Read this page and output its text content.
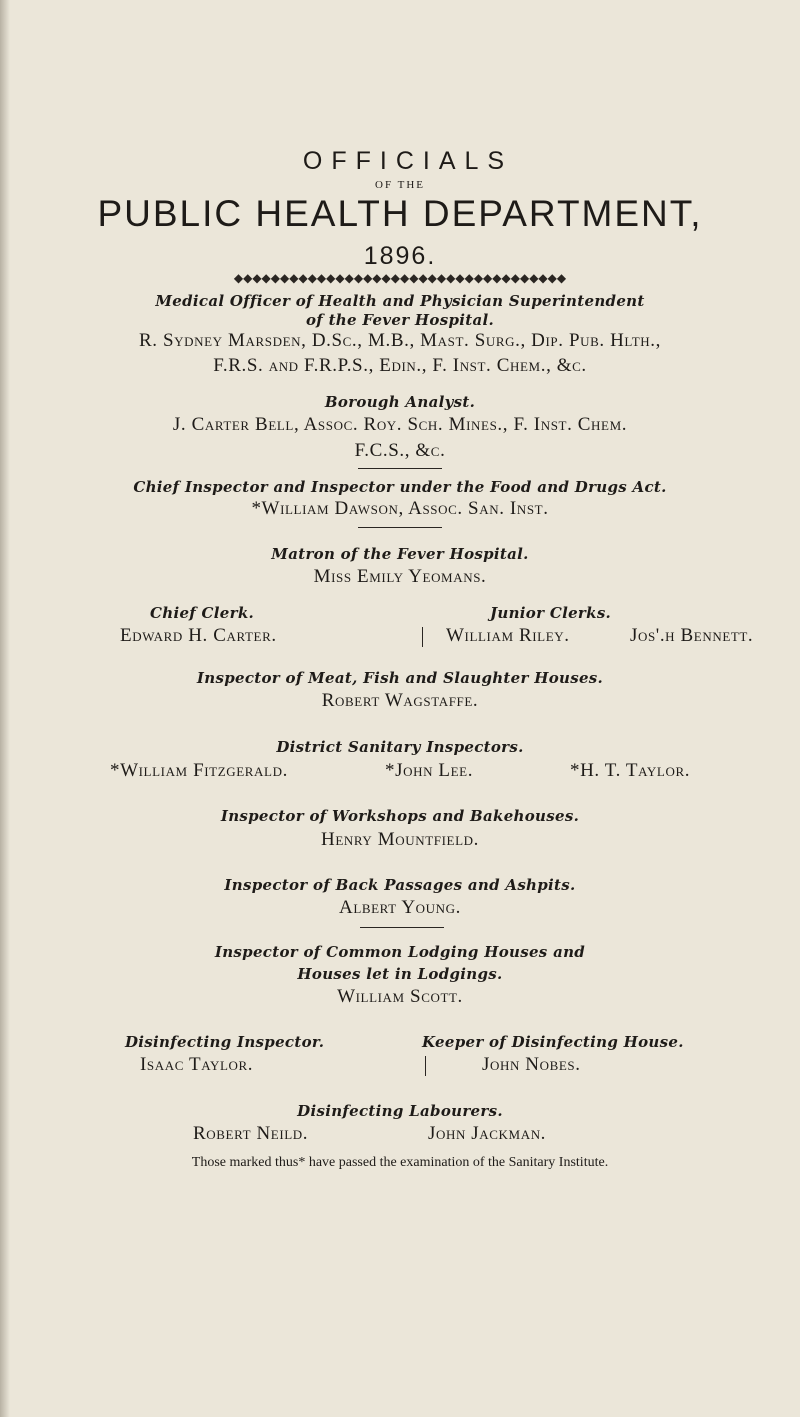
OFFICIALS
OF THE
PUBLIC HEALTH DEPARTMENT,
1896.
◆◆◆◆◆◆◆◆◆◆◆◆◆◆◆◆◆◆◆◆◆◆◆◆◆◆◆◆◆◆◆◆◆◆◆◆
Medical Officer of Health and Physician Superintendent
of the Fever Hospital.
R. Sydney Marsden, D.Sc., M.B., Mast. Surg., Dip. Pub. Hlth.,
F.R.S. and F.R.P.S., Edin., F. Inst. Chem., &c.
Borough Analyst.
J. Carter Bell, Assoc. Roy. Sch. Mines., F. Inst. Chem.
F.C.S., &c.
Chief Inspector and Inspector under the Food and Drugs Act.
*William Dawson, Assoc. San. Inst.
Matron of the Fever Hospital.
Miss Emily Yeomans.
Chief Clerk.	Junior Clerks.
Edward H. Carter.	William Riley.	Jos'.h Bennett.
Inspector of Meat, Fish and Slaughter Houses.
Robert Wagstaffe.
District Sanitary Inspectors.
*William Fitzgerald.	*John Lee.	*H. T. Taylor.
Inspector of Workshops and Bakehouses.
Henry Mountfield.
Inspector of Back Passages and Ashpits.
Albert Young.
Inspector of Common Lodging Houses and
Houses let in Lodgings.
William Scott.
Disinfecting Inspector.	Keeper of Disinfecting House.
Isaac Taylor.	John Nobes.
Disinfecting Labourers.
Robert Neild.	John Jackman.
Those marked thus* have passed the examination of the Sanitary Institute.
